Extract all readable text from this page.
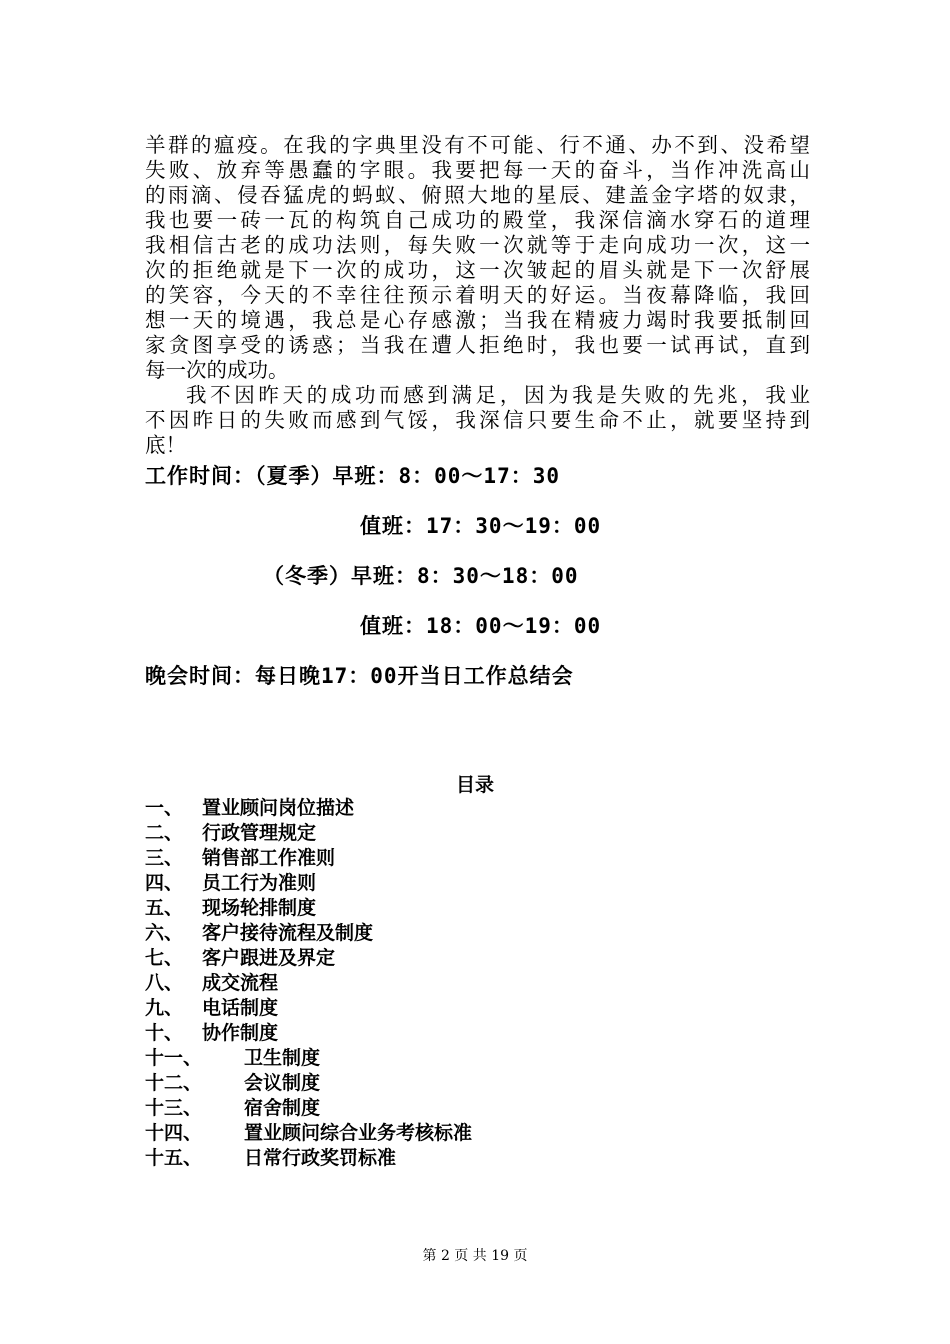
羊群的瘟疫。在我的字典里没有不可能、行不通、办不到、没希望
失败、放弃等愚蠢的字眼。我要把每一天的奋斗，当作冲洗高山
的雨滴、侵吞猛虎的蚂蚁、俯照大地的星辰、建盖金字塔的奴隶，
我也要一砖一瓦的构筑自己成功的殿堂，我深信滴水穿石的道理
我相信古老的成功法则，每失败一次就等于走向成功一次，这一
次的拒绝就是下一次的成功，这一次皱起的眉头就是下一次舒展
的笑容，今天的不幸往往预示着明天的好运。当夜幕降临，我回
想一天的境遇，我总是心存感激；当我在精疲力竭时我要抵制回
家贪图享受的诱惑；当我在遭人拒绝时，我也要一试再试，直到
每一次的成功。
我不因昨天的成功而感到满足，因为我是失败的先兆，我业
不因昨日的失败而感到气馁，我深信只要生命不止，就要坚持到
底！
工作时间：（夏季）早班：8：00～17：30
值班：17：30～19：00
（冬季）早班：8：30～18：00
值班：18：00～19：00
晚会时间：每日晚17：00开当日工作总结会
目录
一、 置业顾问岗位描述
二、 行政管理规定
三、 销售部工作准则
四、 员工行为准则
五、 现场轮排制度
六、 客户接待流程及制度
七、 客户跟进及界定
八、 成交流程
九、 电话制度
十、 协作制度
十一、 卫生制度
十二、 会议制度
十三、 宿舍制度
十四、 置业顾问综合业务考核标准
十五、 日常行政奖罚标准
第 2 页 共 19 页
